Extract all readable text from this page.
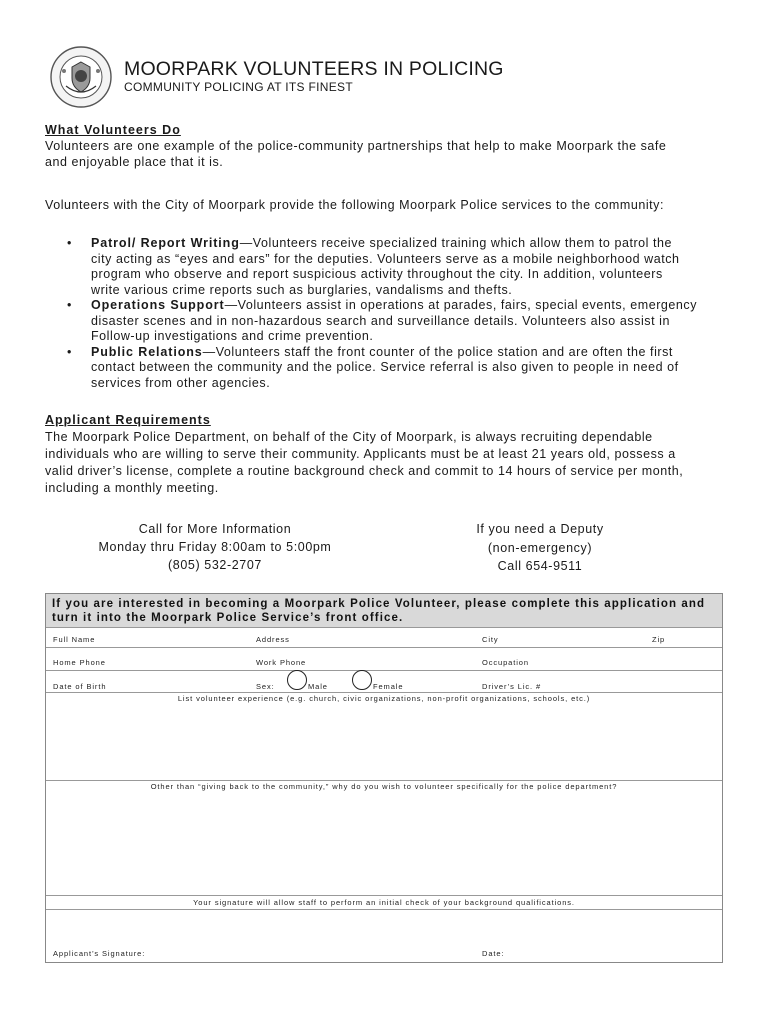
MOORPARK VOLUNTEERS IN POLICING
COMMUNITY POLICING AT ITS FINEST
What Volunteers Do
Volunteers are one example of the police-community partnerships that help to make Moorpark the safe
and enjoyable place that it is.
Volunteers with the City of Moorpark provide the following Moorpark Police services to the community:
• Patrol/ Report Writing—Volunteers receive specialized training which allow them to patrol the
city acting as “eyes and ears” for the deputies. Volunteers serve as a mobile neighborhood watch
program who observe and report suspicious activity throughout the city. In addition, volunteers
write various crime reports such as burglaries, vandalisms and thefts.
• Operations Support—Volunteers assist in operations at parades, fairs, special events, emergency
disaster scenes and in non-hazardous search and surveillance details. Volunteers also assist in
Follow-up investigations and crime prevention.
• Public Relations—Volunteers staff the front counter of the police station and are often the first
contact between the community and the police. Service referral is also given to people in need of
services from other agencies.
Applicant Requirements
The Moorpark Police Department, on behalf of the City of Moorpark, is always recruiting dependable
individuals who are willing to serve their community. Applicants must be at least 21 years old, possess a
valid driver’s license, complete a routine background check and commit to 14 hours of service per month,
including a monthly meeting.
Call for More Information
Monday thru Friday 8:00am to 5:00pm
(805) 532-2707
If you need a Deputy
(non-emergency)
Call 654-9511
If you are interested in becoming a Moorpark Police Volunteer, please complete this application and
turn it into the Moorpark Police Service’s front office.
Full Name	Address	City	Zip
Home Phone	Work Phone	Occupation
Date of Birth	Sex:	Male	Female	Driver’s Lic. #
List volunteer experience (e.g. church, civic organizations, non-profit organizations, schools, etc.)
Other than “giving back to the community,” why do you wish to volunteer specifically for the police department?
Your signature will allow staff to perform an initial check of your background qualifications.
Applicant’s Signature:	Date:
